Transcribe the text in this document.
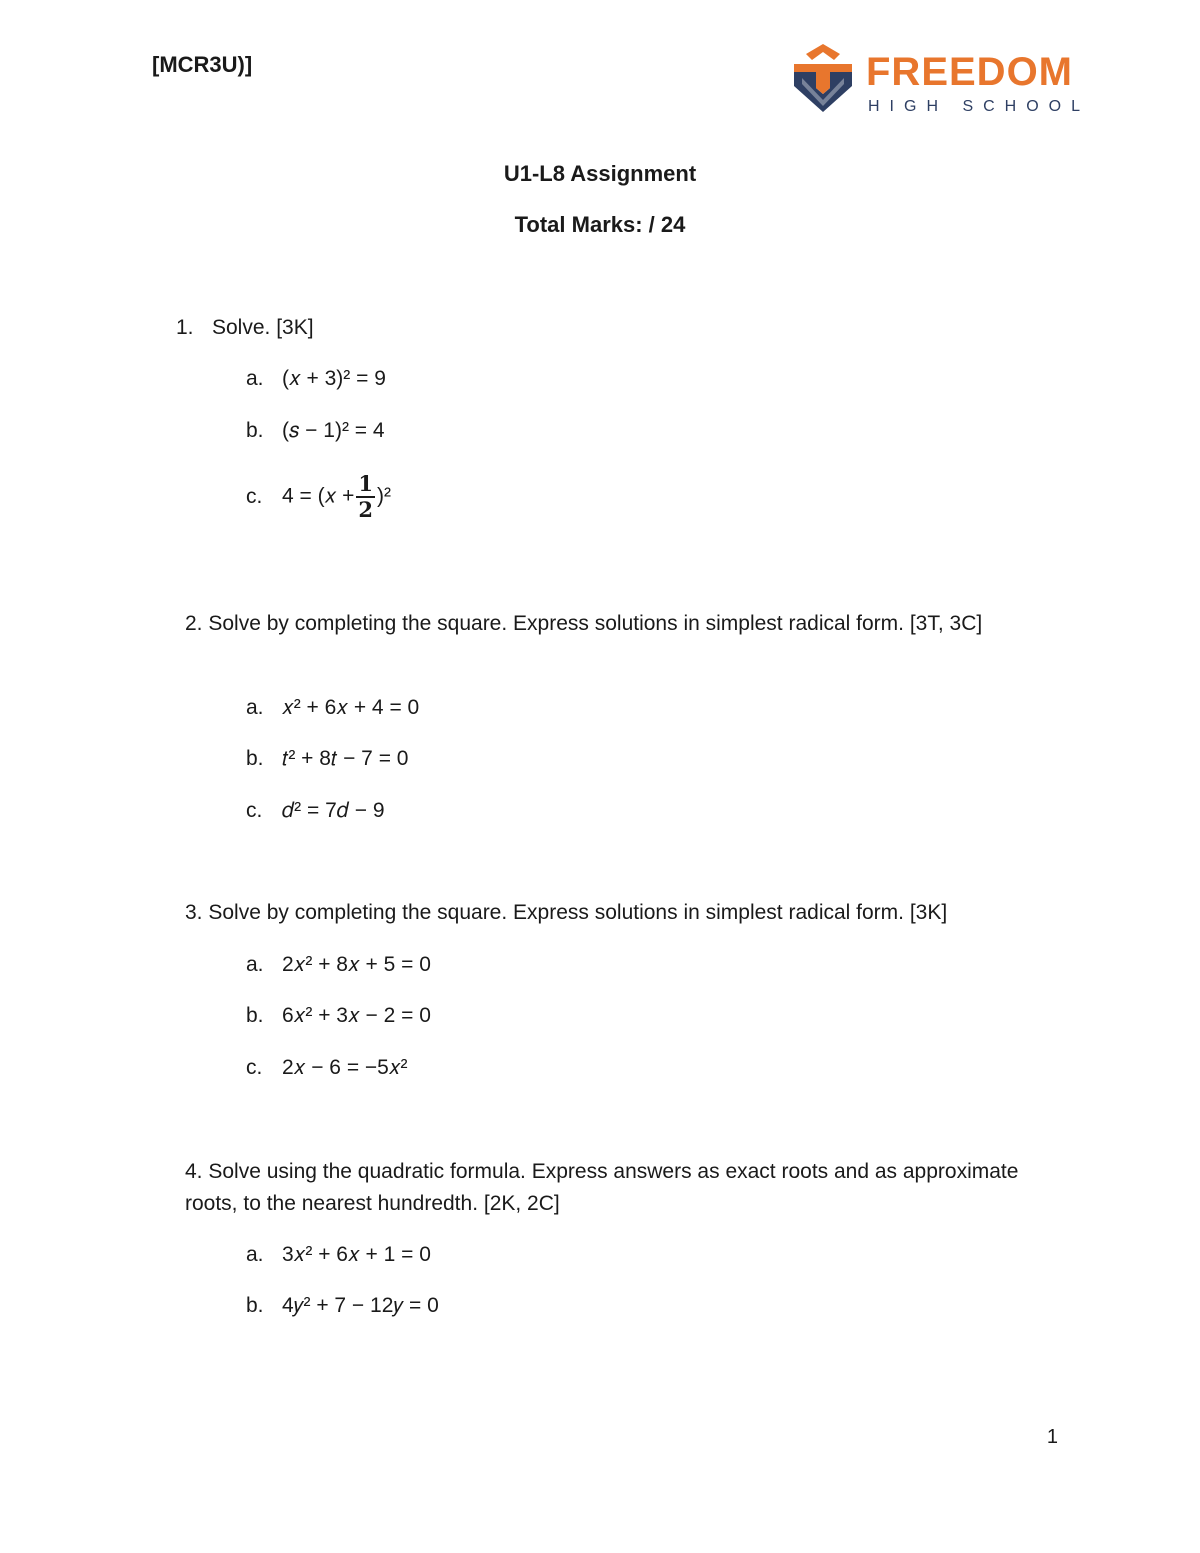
[MCR3U)]	FREEDOM
HIGH SCHOOL
U1-L8 Assignment
Total Marks: / 24
1. Solve. [3K]
a. (𝑥 + 3)² = 9
b. (𝑠 − 1)² = 4
c. 4 = (𝑥 + $\frac{1}{2} )^2$
2. Solve by completing the square. Express solutions in simplest radical form. [3T, 3C]
a. 𝑥² + 6𝑥 + 4 = 0
b. 𝑡² + 8𝑡 − 7 = 0
c. 𝑑² = 7𝑑 − 9
3. Solve by completing the square. Express solutions in simplest radical form. [3K]
a. 2𝑥² + 8𝑥 + 5 = 0
b. 6𝑥² + 3𝑥 − 2 = 0
c. 2𝑥 − 6 = −5𝑥²
4. Solve using the quadratic formula. Express answers as exact roots and as approximate roots, to the nearest hundredth. [2K, 2C]
a. 3𝑥² + 6𝑥 + 1 = 0
b. 4𝑦² + 7 − 12𝑦 = 0
1
